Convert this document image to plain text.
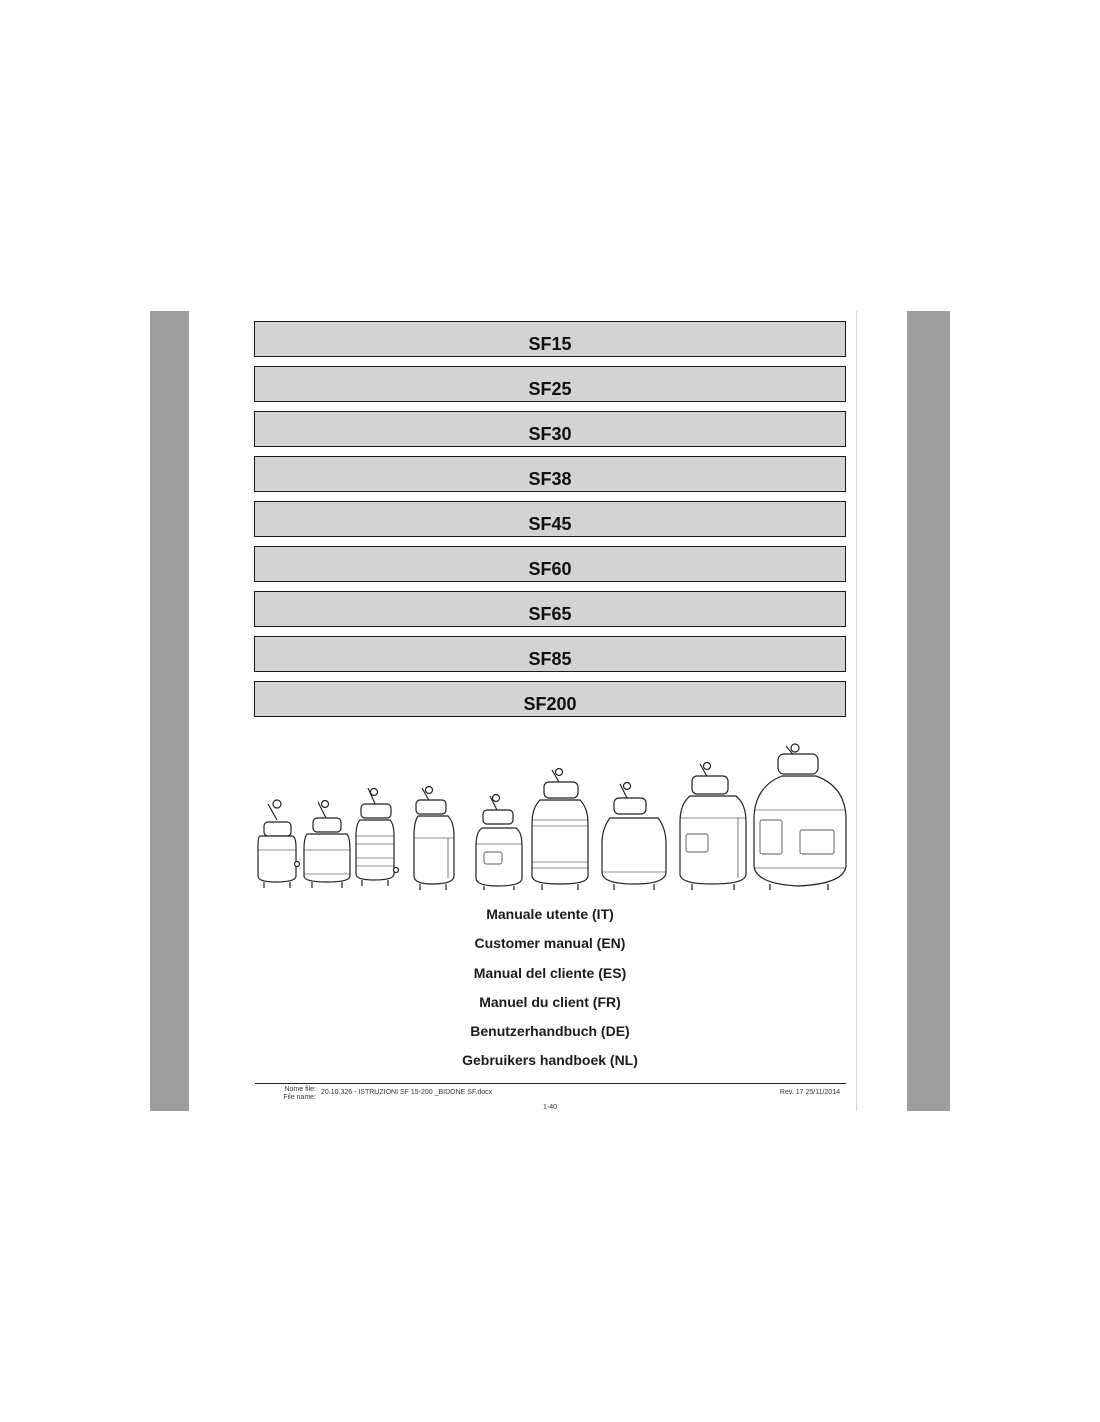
SF15
SF25
SF30
SF38
SF45
SF60
SF65
SF85
SF200
Manuale utente (IT)
Customer manual (EN)
Manual del cliente (ES)
Manuel du client (FR)
Benutzerhandbuch (DE)
Gebruikers handboek (NL)
Nome file:
File name:
20.10.326 - ISTRUZIONI SF 15-200 _BIDONE SF.docx	Rev. 17 25/11/2014
1-40
